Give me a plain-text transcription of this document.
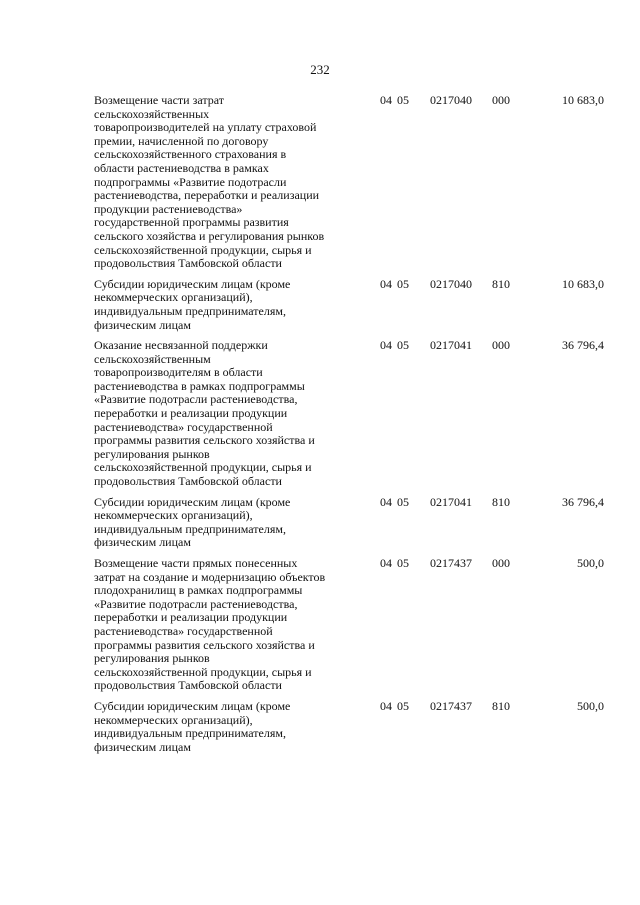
232
Возмещение части затрат
сельскохозяйственных
товаропроизводителей на уплату страховой
премии, начисленной по договору
сельскохозяйственного страхования в
области растениеводства в рамках
подпрограммы «Развитие подотрасли
растениеводства, переработки и реализации
продукции растениеводства»
государственной программы развития
сельского хозяйства и регулирования рынков
сельскохозяйственной продукции, сырья и
продовольствия Тамбовской области
04 05	0217040	000	10 683,0
Субсидии юридическим лицам (кроме
некоммерческих организаций),
индивидуальным предпринимателям,
физическим лицам
04 05	0217040	810	10 683,0
Оказание несвязанной поддержки
сельскохозяйственным
товаропроизводителям в области
растениеводства в рамках подпрограммы
«Развитие подотрасли растениеводства,
переработки и реализации продукции
растениеводства» государственной
программы развития сельского хозяйства и
регулирования рынков
сельскохозяйственной продукции, сырья и
продовольствия Тамбовской области
04 05	0217041	000	36 796,4
Субсидии юридическим лицам (кроме
некоммерческих организаций),
индивидуальным предпринимателям,
физическим лицам
04 05	0217041	810	36 796,4
Возмещение части прямых понесенных
затрат на создание и модернизацию объектов
плодохранилищ в рамках подпрограммы
«Развитие подотрасли растениеводства,
переработки и реализации продукции
растениеводства» государственной
программы развития сельского хозяйства и
регулирования рынков
сельскохозяйственной продукции, сырья и
продовольствия Тамбовской области
04 05	0217437	000	500,0
Субсидии юридическим лицам (кроме
некоммерческих организаций),
индивидуальным предпринимателям,
физическим лицам
04 05	0217437	810	500,0
